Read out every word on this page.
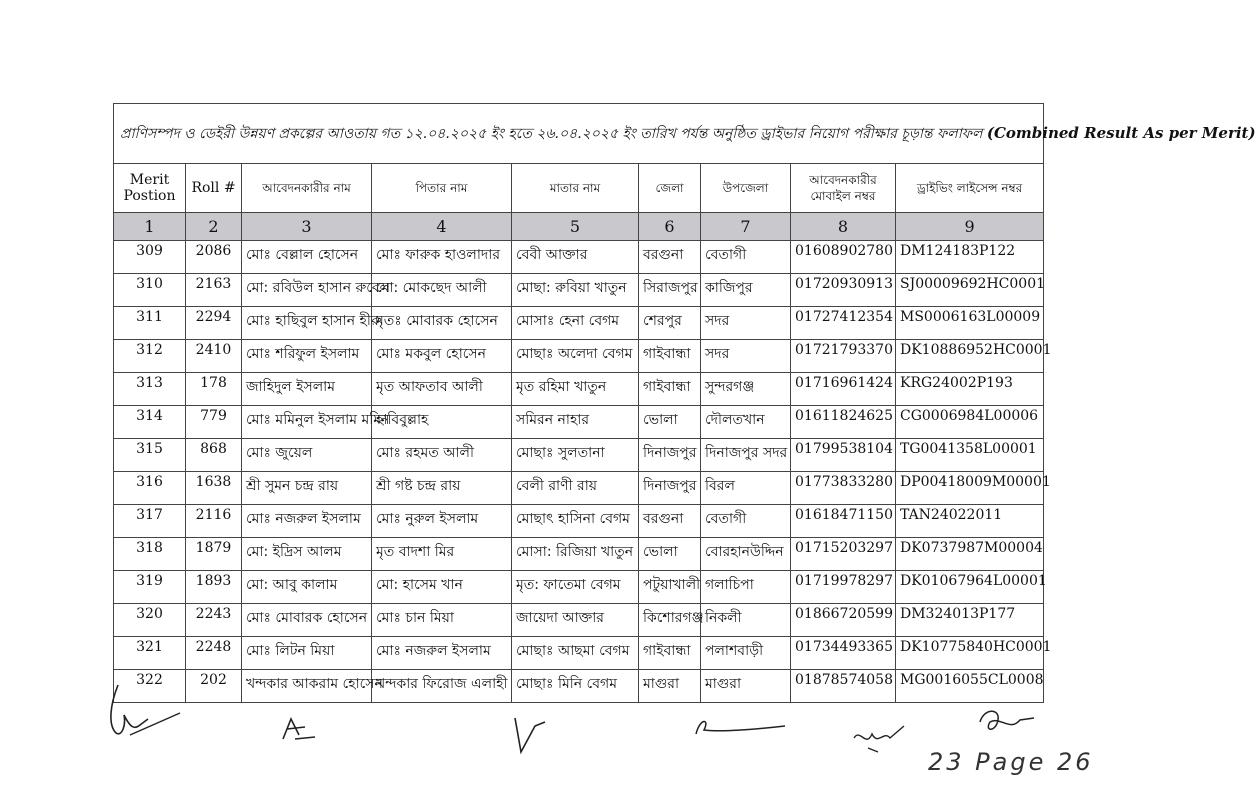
প্রাণিসম্পদ ও ডেইরী উন্নয়ণ প্রকল্পের আওতায় গত ১২.০৪.২০২৫ ইং হতে ২৬.০৪.২০২৫ ইং তারিখ পর্যন্ত অনুষ্ঠিত ড্রাইভার নিয়োগ পরীক্ষার চূড়ান্ত ফলাফল (Combined Result As per Merit)								
Merit Postion	Roll #	আবেদনকারীর নাম	পিতার নাম	মাতার নাম	জেলা	উপজেলা	আবেদনকারীর মোবাইল নম্বর	ড্রাইভিং লাইসেন্স নম্বর
1	2	3	4	5	6	7	8	9
309	2086	মোঃ বেল্লাল হোসেন	মোঃ ফারুক হাওলাদার	বেবী আক্তার	বরগুনা	বেতাগী	01608902780	DM124183P122
310	2163	মো: রবিউল হাসান রুবেল	মো: মোকছেদ আলী	মোছা: রুবিয়া খাতুন	সিরাজপুর	কাজিপুর	01720930913	SJ00009692HC0001
311	2294	মোঃ হাছিবুল হাসান হীরু	মৃতঃ মোবারক হোসেন	মোসাঃ হেনা বেগম	শেরপুর	সদর	01727412354	MS0006163L00009
312	2410	মোঃ শরিফুল ইসলাম	মোঃ মকবুল হোসেন	মোছাঃ অলেদা বেগম	গাইবান্ধা	সদর	01721793370	DK10886952HC0001
313	178	জাহিদুল ইসলাম	মৃত আফতাব আলী	মৃত রহিমা খাতুন	গাইবান্ধা	সুন্দরগঞ্জ	01716961424	KRG24002P193
314	779	মোঃ মমিনুল ইসলাম মমিন	হাবিবুল্লাহ	সমিরন নাহার	ভোলা	দৌলতখান	01611824625	CG0006984L00006
315	868	মোঃ জুয়েল	মোঃ রহমত আলী	মোছাঃ সুলতানা	দিনাজপুর	দিনাজপুর সদর	01799538104	TG0041358L00001
316	1638	শ্রী সুমন চন্দ্র রায়	শ্রী গষ্ট চন্দ্র রায়	বেলী রাণী রায়	দিনাজপুর	বিরল	01773833280	DP00418009M00001
317	2116	মোঃ নজরুল ইসলাম	মোঃ নুরুল ইসলাম	মোছাৎ হাসিনা বেগম	বরগুনা	বেতাগী	01618471150	TAN24022011
318	1879	মো: ইদ্রিস আলম	মৃত বাদশা মির	মোসা: রিজিয়া খাতুন	ভোলা	বোরহানউদ্দিন	01715203297	DK0737987M00004
319	1893	মো: আবু কালাম	মো: হাসেম খান	মৃত: ফাতেমা বেগম	পটুয়াখালী	গলাচিপা	01719978297	DK01067964L00001
320	2243	মোঃ মোবারক হোসেন	মোঃ চান মিয়া	জায়েদা আক্তার	কিশোরগঞ্জ	নিকলী	01866720599	DM324013P177
321	2248	মোঃ লিটন মিয়া	মোঃ নজরুল ইসলাম	মোছাঃ আছমা বেগম	গাইবান্ধা	পলাশবাড়ী	01734493365	DK10775840HC0001
322	202	খন্দকার আকরাম হোসেন	খন্দকার ফিরোজ এলাহী	মোছাঃ মিনি বেগম	মাগুরা	মাগুরা	01878574058	MG0016055CL0008
23 Page 26
